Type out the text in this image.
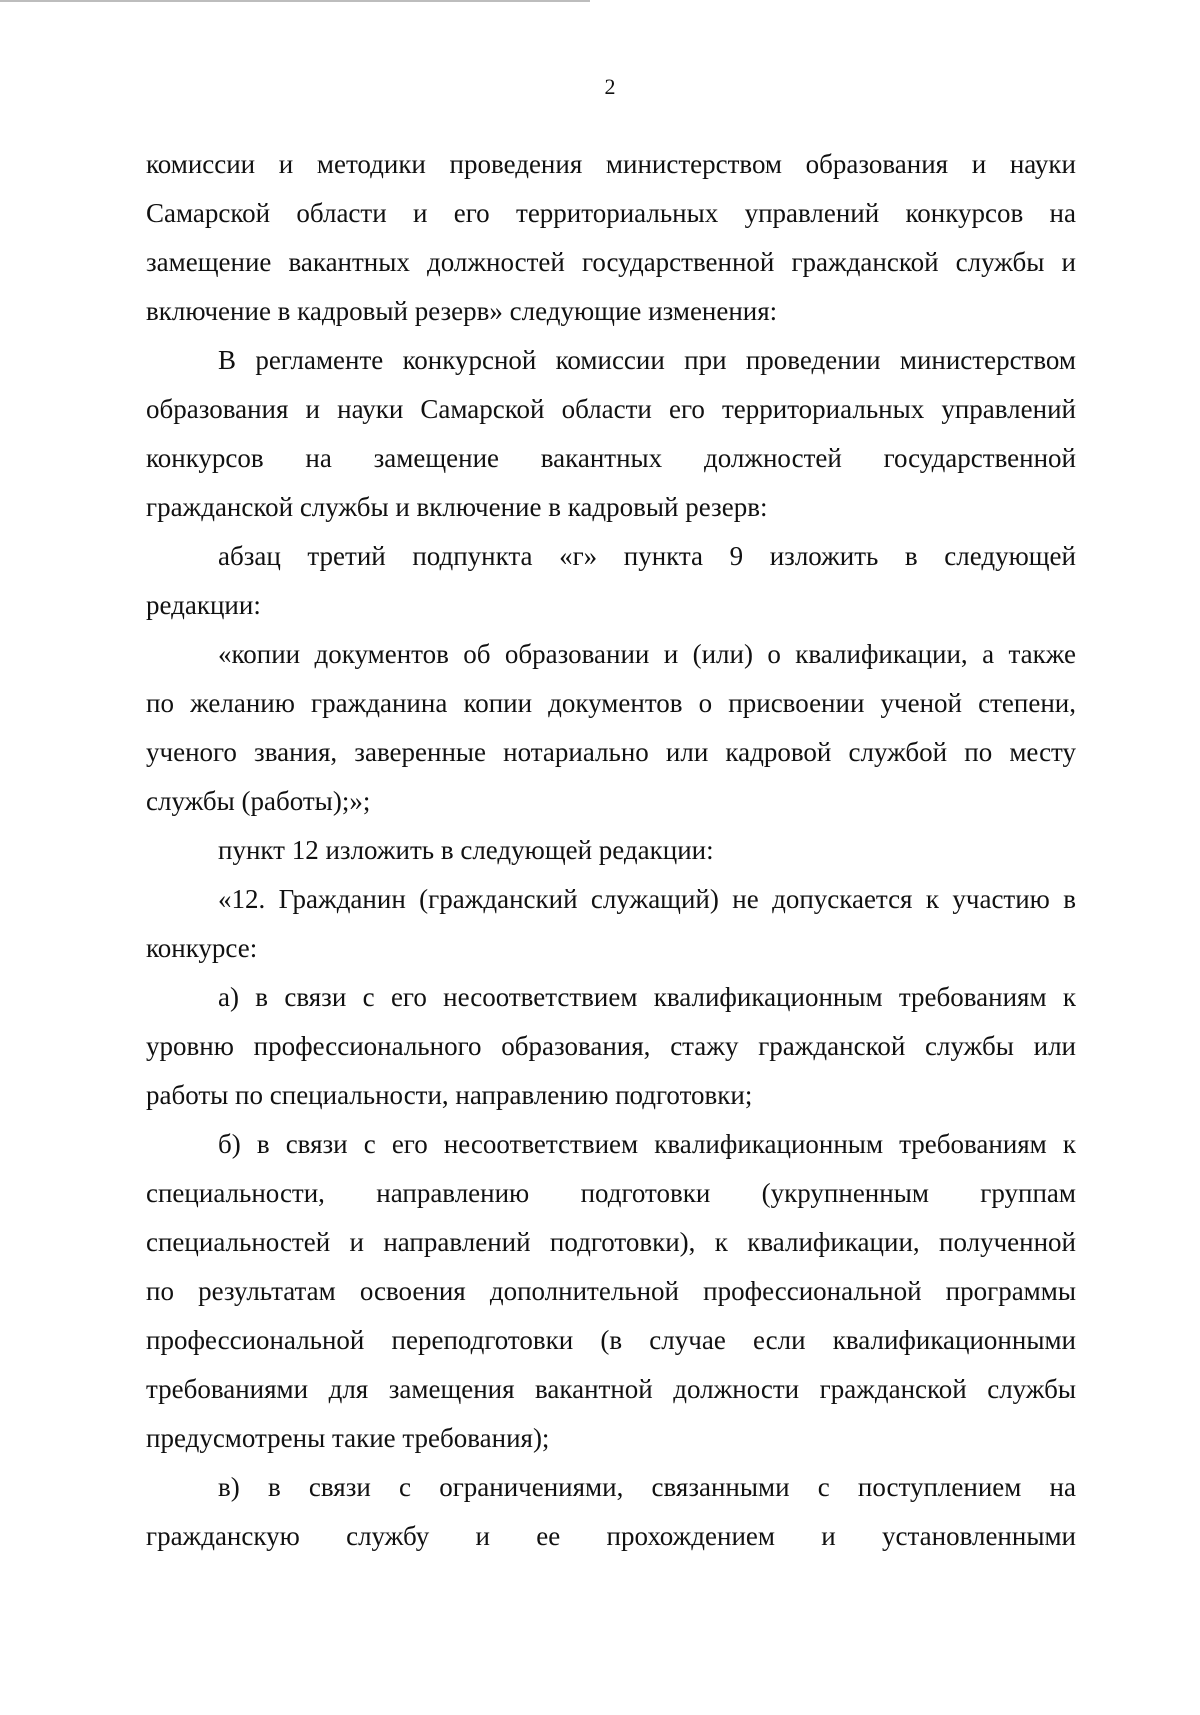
2
комиссии и методики проведения министерством образования и науки
Самарской области и его территориальных управлений конкурсов на
замещение вакантных должностей государственной гражданской службы и
включение в кадровый резерв» следующие изменения:
В регламенте конкурсной комиссии при проведении министерством
образования и науки Самарской области его территориальных управлений
конкурсов на замещение вакантных должностей государственной
гражданской службы и включение в кадровый резерв:
абзац третий подпункта «г» пункта 9 изложить в следующей
редакции:
«копии документов об образовании и (или) о квалификации, а также
по желанию гражданина копии документов о присвоении ученой степени,
ученого звания, заверенные нотариально или кадровой службой по месту
службы (работы);»;
пункт 12 изложить в следующей редакции:
«12. Гражданин (гражданский служащий) не допускается к участию в
конкурсе:
а) в связи с его несоответствием квалификационным требованиям к
уровню профессионального образования, стажу гражданской службы или
работы по специальности, направлению подготовки;
б) в связи с его несоответствием квалификационным требованиям к
специальности, направлению подготовки (укрупненным группам
специальностей и направлений подготовки), к квалификации, полученной
по результатам освоения дополнительной профессиональной программы
профессиональной переподготовки (в случае если квалификационными
требованиями для замещения вакантной должности гражданской службы
предусмотрены такие требования);
в) в связи с ограничениями, связанными с поступлением на
гражданскую службу и ее прохождением и установленными
